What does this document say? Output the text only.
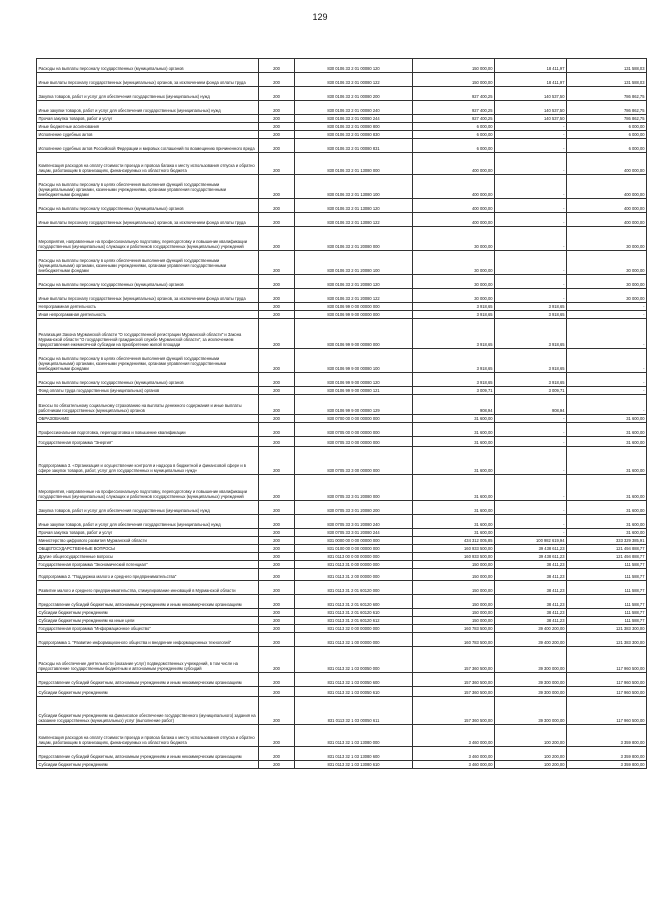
129
Расходы на выплаты персоналу государственных (муниципальных) органов	200	830 0106 33 2 01 00080 120	150 000,00	18 411,97	131 588,03
Иные выплаты персоналу государственных (муниципальных) органов, за исключением фонда оплаты труда	200	830 0106 33 2 01 00080 122	150 000,00	18 411,97	131 588,03
Закупка товаров, работ и услуг для обеспечения государственных (муниципальных) нужд	200	830 0106 33 2 01 00080 200	927 400,25	140 537,50	786 862,75
Иные закупки товаров, работ и услуг для обеспечения государственных (муниципальных) нужд	200	830 0106 33 2 01 00080 240	927 400,25	140 537,50	786 862,75
Прочая закупка товаров, работ и услуг	200	830 0106 33 2 01 00080 244	927 400,25	140 537,50	786 862,75
Иные бюджетные ассигнования	200	830 0106 33 2 01 00080 800	6 000,00	-	6 000,00
Исполнение судебных актов	200	830 0106 33 2 01 00080 830	6 000,00	-	6 000,00
Исполнение судебных актов Российской Федерации и мировых соглашений по возмещению причиненного вреда	200	830 0106 33 2 01 00080 831	6 000,00	-	6 000,00
Компенсация расходов на оплату стоимости проезда и провоза багажа к месту использования отпуска и обратно лицам, работающим в организациях, финансируемых из областного бюджета	200	830 0106 33 2 01 13080 000	400 000,00	-	400 000,00
Расходы на выплаты персоналу в целях обеспечения выполнения функций государственными (муниципальными) органами, казенными учреждениями, органами управления государственными внебюджетными фондами	200	830 0106 33 2 01 13080 100	400 000,00	-	400 000,00
Расходы на выплаты персоналу государственных (муниципальных) органов	200	830 0106 33 2 01 13080 120	400 000,00	-	400 000,00
Иные выплаты персоналу государственных (муниципальных) органов, за исключением фонда оплаты труда	200	830 0106 33 2 01 13080 122	400 000,00	-	400 000,00
Мероприятия, направленные на профессиональную подготовку, переподготовку и повышение квалификации государственных (муниципальных) служащих и работников государственных (муниципальных) учреждений	200	830 0106 33 2 01 20080 000	30 000,00	-	30 000,00
Расходы на выплаты персоналу в целях обеспечения выполнения функций государственными (муниципальными) органами, казенными учреждениями, органами управления государственными внебюджетными фондами	200	830 0106 33 2 01 20080 100	30 000,00	-	30 000,00
Расходы на выплаты персоналу государственных (муниципальных) органов	200	830 0106 33 2 01 20080 120	30 000,00	-	30 000,00
Иные выплаты персоналу государственных (муниципальных) органов, за исключением фонда оплаты труда	200	830 0106 33 2 01 20080 122	30 000,00	-	30 000,00
Непрограммная деятельность	200	830 0106 99 0 00 00000 000	3 918,65	3 918,65	-
Иная непрограммная деятельность	200	830 0106 99 9 00 00000 000	3 918,65	3 918,65	-
Реализация Закона Мурманской области "О государственной регистрации Мурманской области" и Закона Мурманской области "О государственной гражданской службе Мурманской области", за исключением предоставления ежемесячной субсидии на приобретение жилой площади	200	830 0106 99 9 00 00080 000	3 918,65	3 918,65	-
Расходы на выплаты персоналу в целях обеспечения выполнения функций государственными (муниципальными) органами, казенными учреждениями, органами управления государственными внебюджетными фондами	200	830 0106 99 9 00 00080 100	3 918,65	3 918,65	-
Расходы на выплаты персоналу государственных (муниципальных) органов	200	830 0106 99 9 00 00080 120	3 918,65	3 918,65	-
Фонд оплаты труда государственных (муниципальных) органов	200	830 0106 99 9 00 00080 121	3 009,71	3 009,71	-
Взносы по обязательному социальному страхованию на выплаты денежного содержания и иные выплаты работникам государственных (муниципальных) органов	200	830 0106 99 9 00 00080 129	908,94	908,94	-
ОБРАЗОВАНИЕ	200	830 0700 00 0 00 00000 000	31 600,00	-	31 600,00
Профессиональная подготовка, переподготовка и повышение квалификации	200	830 0705 00 0 00 00000 000	31 600,00	-	31 600,00
Государственная программа "Энергия"	200	830 0705 33 0 00 00000 000	31 600,00	-	31 600,00
Подпрограмма 3. «Организация и осуществление контроля и надзора в бюджетной и финансовой сфере и в сфере закупок товаров, работ, услуг для государственных и муниципальных нужд»	200	830 0705 33 3 00 00000 000	31 600,00	-	31 600,00
Мероприятия, направленные на профессиональную подготовку, переподготовку и повышение квалификации государственных (муниципальных) служащих и работников государственных (муниципальных) учреждений	200	830 0705 33 3 01 20080 000	31 600,00	-	31 600,00
Закупка товаров, работ и услуг для обеспечения государственных (муниципальных) нужд	200	830 0705 33 3 01 20080 200	31 600,00	-	31 600,00
Иные закупки товаров, работ и услуг для обеспечения государственных (муниципальных) нужд	200	830 0705 33 3 01 20080 240	31 600,00	-	31 600,00
Прочая закупка товаров, работ и услуг	200	830 0705 33 3 01 20080 244	31 600,00	-	31 600,00
Министерство цифрового развития Мурманской области	200	831 0000 00 0 00 00000 000	434 312 005,85	100 982 619,94	333 329 385,91
ОБЩЕГОСУДАРСТВЕННЫЕ ВОПРОСЫ	200	831 0100 00 0 00 00000 000	160 933 500,00	39 438 611,23	121 494 888,77
Другие общегосударственные вопросы	200	831 0113 00 0 00 00000 000	160 933 500,00	39 438 611,23	121 494 888,77
Государственная программа "Экономический потенциал"	200	831 0113 31 0 00 00000 000	150 000,00	38 411,23	111 588,77
Подпрограмма 2. "Поддержка малого и среднего предпринимательства"	200	831 0113 31 2 00 00000 000	150 000,00	38 411,23	111 588,77
Развитие малого и среднего предпринимательства, стимулирование инноваций в Мурманской области	200	831 0113 31 2 01 60120 000	150 000,00	38 411,23	111 588,77
Предоставление субсидий бюджетным, автономным учреждениям и иным некоммерческим организациям	200	831 0113 31 2 01 60120 600	150 000,00	38 411,23	111 588,77
Субсидии бюджетным учреждениям	200	831 0113 31 2 01 60120 610	150 000,00	38 411,23	111 588,77
Субсидии бюджетным учреждениям на иные цели	200	831 0113 31 2 01 60120 612	150 000,00	38 411,23	111 588,77
Государственная программа "Информационное общество"	200	831 0113 32 0 00 00000 000	160 783 500,00	39 400 200,00	121 383 300,00
Подпрограмма 1. "Развитие информационного общества и внедрение информационных технологий"	200	831 0113 32 1 00 00000 000	160 783 500,00	39 400 200,00	121 383 300,00
Расходы на обеспечение деятельности (оказание услуг) подведомственных учреждений, в том числе на предоставление государственным бюджетным и автономным учреждениям субсидий	200	831 0113 32 1 03 00050 000	157 360 500,00	39 300 000,00	117 960 500,00
Предоставление субсидий бюджетным, автономным учреждениям и иным некоммерческим организациям	200	831 0113 32 1 03 00050 600	157 360 500,00	39 300 000,00	117 960 500,00
Субсидии бюджетным учреждениям	200	831 0113 32 1 03 00050 610	157 360 500,00	39 300 000,00	117 960 500,00
Субсидии бюджетным учреждениям на финансовое обеспечение государственного (муниципального) задания на оказание государственных (муниципальных) услуг (выполнение работ)	200	831 0113 32 1 03 00050 611	157 360 500,00	39 300 000,00	117 960 500,00
Компенсация расходов на оплату стоимости проезда и провоза багажа к месту использования отпуска и обратно лицам, работающим в организациях, финансируемых из областного бюджета	200	831 0113 32 1 03 13080 000	3 460 000,00	100 200,00	3 359 800,00
Предоставление субсидий бюджетным, автономным учреждениям и иным некоммерческим организациям	200	831 0113 32 1 03 13080 600	3 460 000,00	100 200,00	3 359 800,00
Субсидии бюджетным учреждениям	200	831 0113 32 1 03 13080 610	3 460 000,00	100 200,00	3 359 800,00
